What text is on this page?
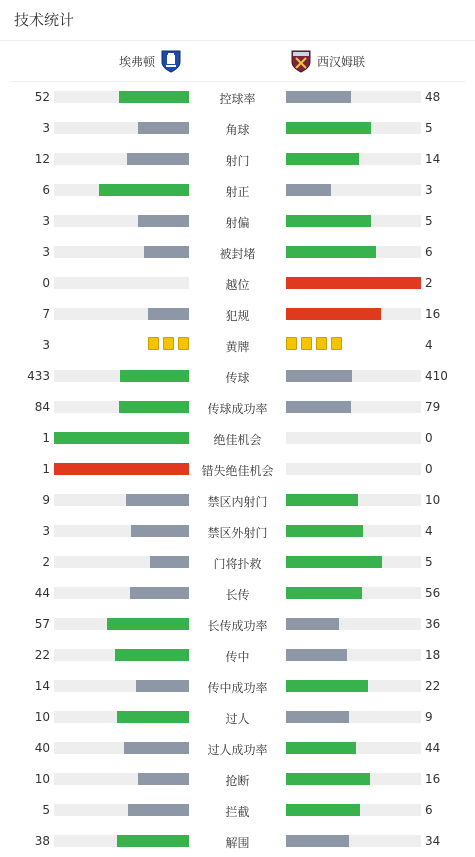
技术统计
埃弗顿	西汉姆联
52	控球率	48
3	角球	5
12	射门	14
6	射正	3
3	射偏	5
3	被封堵	6
0	越位	2
7	犯规	16
3	黄牌	4
433	传球	410
84	传球成功率	79
1	绝佳机会	0
1	错失绝佳机会	0
9	禁区内射门	10
3	禁区外射门	4
2	门将扑救	5
44	长传	56
57	长传成功率	36
22	传中	18
14	传中成功率	22
10	过人	9
40	过人成功率	44
10	抢断	16
5	拦截	6
38	解围	34
